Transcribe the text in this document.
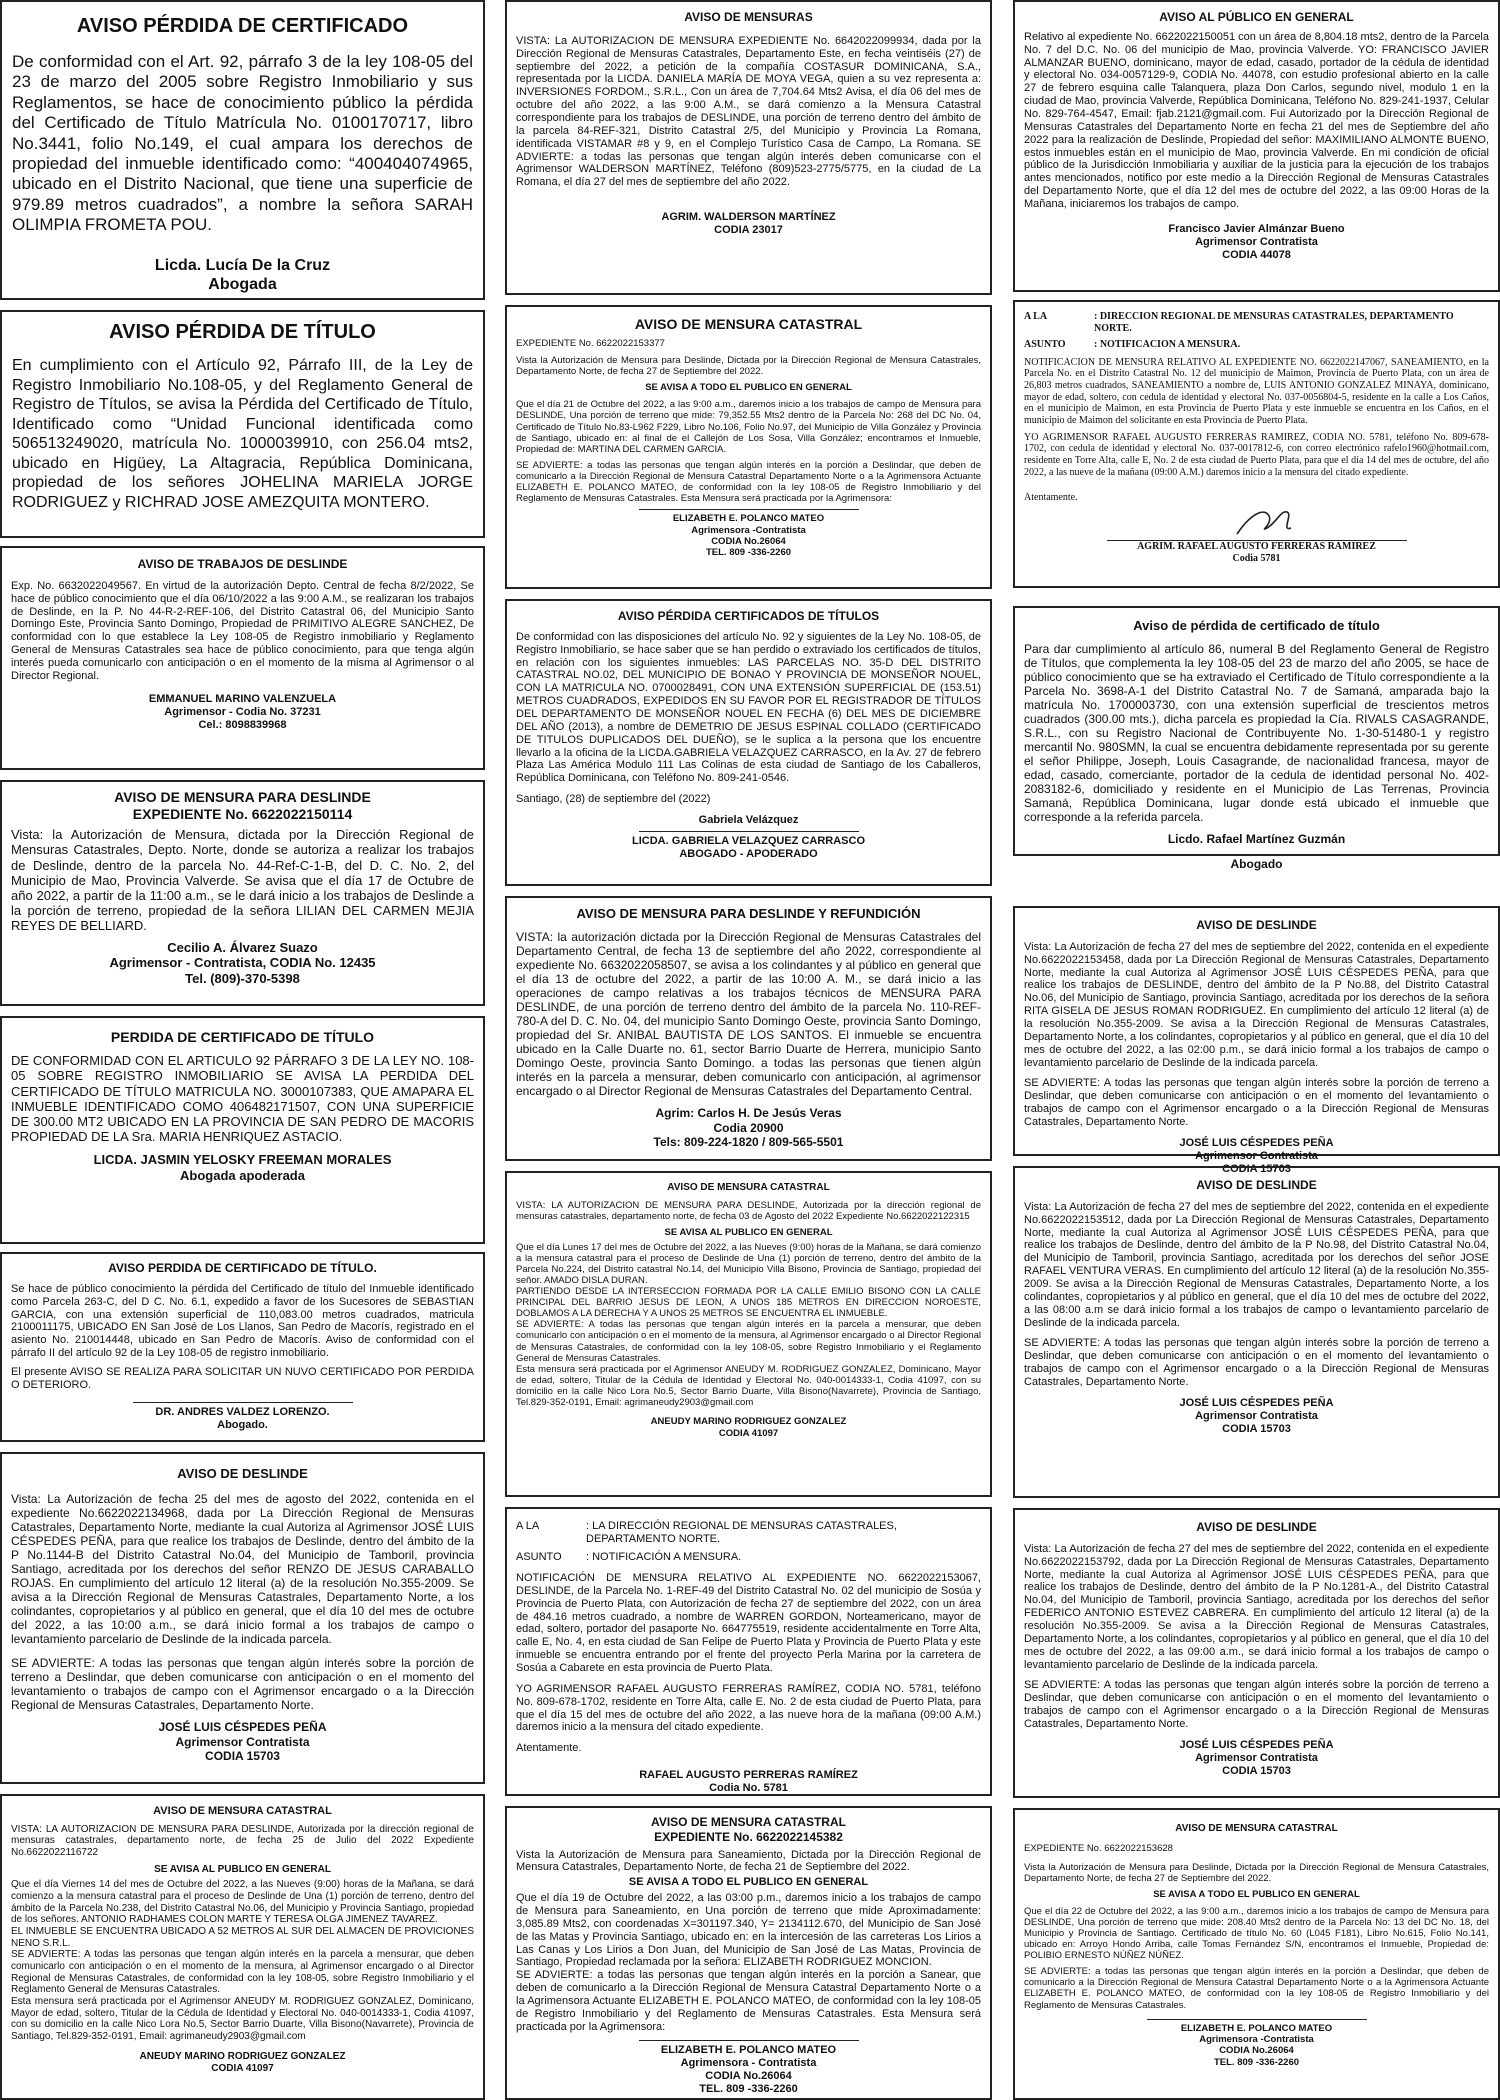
AVISO PÉRDIDA DE CERTIFICADO

De conformidad con el Art. 92, párrafo 3 de la ley 108-05 del 23 de marzo del 2005 sobre Registro Inmobiliario y sus Reglamentos, se hace de conocimiento público la pérdida del Certificado de Título Matrícula No. 0100170717, libro No.3441, folio No.149, el cual ampara los derechos de propiedad del inmueble identificado como: “400404074965, ubicado en el Distrito Nacional, que tiene una superficie de 979.89 metros cuadrados”, a nombre la señora SARAH OLIMPIA FROMETA POU.

Licda. Lucía De la Cruz
Abogada
AVISO PÉRDIDA DE TÍTULO

En cumplimiento con el Artículo 92, Párrafo III, de la Ley de Registro Inmobiliario No.108-05, y del Reglamento General de Registro de Títulos, se avisa la Pérdida del Certificado de Título, Identificado como “Unidad Funcional identificada como 506513249020, matrícula No. 1000039910, con 256.04 mts2, ubicado en Higüey, La Altagracia, República Dominicana, propiedad de los señores JOHELINA MARIELA JORGE RODRIGUEZ y RICHRAD JOSE AMEZQUITA MONTERO.

AVISO DE TRABAJOS DE DESLINDE

Exp. No. 6632022049567. En virtud de la autorización Depto. Central de fecha 8/2/2022, Se hace de público conocimiento que el día 06/10/2022 a las 9:00 A.M., se realizaran los trabajos de Deslinde, en la P. No 44-R-2-REF-106, del Distrito Catastral 06, del Municipio Santo Domingo Este, Provincia Santo Domingo, Propiedad de PRIMITIVO ALEGRE SANCHEZ, De conformidad con lo que establece la Ley 108-05 de Registro inmobiliario y Reglamento General de Mensuras Catastrales sea hace de público conocimiento, para que tenga algún interés pueda comunicarlo con anticipación o en el momento de la misma al Agrimensor o al Director Regional.

EMMANUEL MARINO VALENZUELA
Agrimensor - Codia No. 37231
Cel.: 8098839968
AVISO DE MENSURA PARA DESLINDE
EXPEDIENTE No. 6622022150114

Vista: la Autorización de Mensura, dictada por la Dirección Regional de Mensuras Catastrales, Depto. Norte, donde se autoriza a realizar los trabajos de Deslinde, dentro de la parcela No. 44-Ref-C-1-B, del D. C. No. 2, del Municipio de Mao, Provincia Valverde. Se avisa que el día 17 de Octubre de año 2022, a partir de la 11:00 a.m., se le dará inicio a los trabajos de Deslinde a la porción de terreno, propiedad de la señora LILIAN DEL CARMEN MEJIA REYES DE BELLIARD.

Cecilio A. Álvarez Suazo
Agrimensor - Contratista, CODIA No. 12435
Tel. (809)-370-5398
PERDIDA DE CERTIFICADO DE TÍTULO

DE CONFORMIDAD CON EL ARTICULO 92 PÁRRAFO 3 DE LA LEY NO. 108-05 SOBRE REGISTRO INMOBILIARIO SE AVISA LA PERDIDA DEL CERTIFICADO DE TÍTULO MATRICULA NO. 3000107383, QUE AMAPARA EL INMUEBLE IDENTIFICADO COMO 406482171507, CON UNA SUPERFICIE DE 300.00 MT2 UBICADO EN LA PROVINCIA DE SAN PEDRO DE MACORIS PROPIEDAD DE LA Sra. MARIA HENRIQUEZ ASTACIO.

LICDA. JASMIN YELOSKY FREEMAN MORALES
Abogada apoderada
AVISO PERDIDA DE CERTIFICADO DE TÍTULO.

Se hace de público conocimiento la pérdida del Certificado de título del Inmueble identificado como Parcela 263-C, del D C. No. 6.1, expedido a favor de los Sucesores de SEBASTIAN GARCIA, con una extensión superficial de 110,083.00 metros cuadrados, matricula 2100011175, UBICADO EN San José de Los Llanos, San Pedro de Macorís, registrado en el asiento No. 210014448, ubicado en San Pedro de Macorís. Aviso de conformidad con el párrafo II del artículo 92 de la Ley 108-05 de registro inmobiliario.

El presente AVISO SE REALIZA PARA SOLICITAR UN NUVO CERTIFICADO POR PERDIDA O DETERIORO.

DR. ANDRES VALDEZ LORENZO.
Abogado.
AVISO DE DESLINDE

Vista: La Autorización de fecha 25 del mes de agosto del 2022, contenida en el expediente No.6622022134968, dada por La Dirección Regional de Mensuras Catastrales, Departamento Norte, mediante la cual Autoriza al Agrimensor JOSÉ LUIS CÉSPEDES PEÑA, para que realice los trabajos de Deslinde, dentro del ámbito de la P No.1144-B del Distrito Catastral No.04, del Municipio de Tamboril, provincia Santiago, acreditada por los derechos del señor RENZO DE JESUS CARABALLO ROJAS. En cumplimiento del artículo 12 literal (a) de la resolución No.355-2009. Se avisa a la Dirección Regional de Mensuras Catastrales, Departamento Norte, a los colindantes, copropietarios y al público en general, que el día 10 del mes de octubre del 2022, a las 10:00 a.m., se dará inicio formal a los trabajos de campo o levantamiento parcelario de Deslinde de la indicada parcela.

SE ADVIERTE: A todas las personas que tengan algún interés sobre la porción de terreno a Deslindar, que deben comunicarse con anticipación o en el momento del levantamiento o trabajos de campo con el Agrimensor encargado o a la Dirección Regional de Mensuras Catastrales, Departamento Norte.

JOSÉ LUIS CÉSPEDES PEÑA
Agrimensor Contratista
CODIA 15703
AVISO DE MENSURA CATASTRAL

VISTA: LA AUTORIZACION DE MENSURA PARA DESLINDE, Autorizada por la dirección regional de mensuras catastrales, departamento norte, de fecha 25 de Julio del 2022 Expediente No.6622022116722

SE AVISA AL PUBLICO EN GENERAL

Que el día Viernes 14 del mes de Octubre del 2022, a las Nueves (9:00) horas de la Mañana, se dará comienzo a la mensura catastral para el proceso de Deslinde de Una (1) porción de terreno, dentro del ámbito de la Parcela No.238, del Distrito Catastral No.06, del Municipio y Provincia Santiago, propiedad de los señores. ANTONIO RADHAMES COLON MARTE Y TERESA OLGA JIMENEZ TAVAREZ.

EL INMUEBLE SE ENCUENTRA UBICADO A 52 METROS AL SUR DEL ALMACEN DE PROVICIONES NENO S.R.L.

SE ADVIERTE: A todas las personas que tengan algún interés en la parcela a mensurar, que deben comunicarlo con anticipación o en el momento de la mensura, al Agrimensor encargado o al Director Regional de Mensuras Catastrales, de conformidad con la ley 108-05, sobre Registro Inmobiliario y el Reglamento General de Mensuras Catastrales.

Esta mensura será practicada por el Agrimensor ANEUDY M. RODRIGUEZ GONZALEZ, Dominicano, Mayor de edad, soltero, Titular de la Cédula de Identidad y Electoral No. 040-0014333-1, Codia 41097, con su domicilio en la calle Nico Lora No.5, Sector Barrio Duarte, Villa Bisono(Navarrete), Provincia de Santiago, Tel.829-352-0191, Email: agrimaneudy2903@gmail.com

ANEUDY MARINO RODRIGUEZ GONZALEZ
CODIA 41097
AVISO DE MENSURAS

VISTA: La AUTORIZACION DE MENSURA EXPEDIENTE No. 6642022099934, dada por la Dirección Regional de Mensuras Catastrales, Departamento Este, en fecha veintiséis (27) de septiembre del 2022, a petición de la compañía COSTASUR DOMINICANA, S.A., representada por la LICDA. DANIELA MARÍA DE MOYA VEGA, quien a su vez representa a: INVERSIONES FORDOM., S.R.L., Con un área de 7,704.64 Mts2 Avisa, el día 06 del mes de octubre del año 2022, a las 9:00 A.M., se dará comienzo a la Mensura Catastral correspondiente para los trabajos de DESLINDE, una porción de terreno dentro del ámbito de la parcela 84-REF-321, Distrito Catastral 2/5, del Municipio y Provincia La Romana, identificada VISTAMAR #8 y 9, en el Complejo Turístico Casa de Campo, La Romana. SE ADVIERTE: a todas las personas que tengan algún interés deben comunicarse con el Agrimensor WALDERSON MARTÍNEZ, Teléfono (809)523-2775/5775, en la ciudad de La Romana, el día 27 del mes de septiembre del año 2022.

AGRIM. WALDERSON MARTÍNEZ
CODIA 23017
AVISO DE MENSURA CATASTRAL

EXPEDIENTE No. 6622022153377

Vista la Autorización de Mensura para Deslinde, Dictada por la Dirección Regional de Mensura Catastrales, Departamento Norte, de fecha 27 de Septiembre del 2022.

SE AVISA A TODO EL PUBLICO EN GENERAL

Que el día 21 de Octubre del 2022, a las 9:00 a.m., daremos inicio a los trabajos de campo de Mensura para DESLINDE, Una porción de terreno que mide: 79,352.55 Mts2 dentro de la Parcela No: 268 del DC No. 04, Certificado de Título No.83-L962 F229, Libro No.106, Folio No.97, del Municipio de Villa González y Provincia de Santiago, ubicado en: al final de el Callejón de Los Sosa, Villa González; encontramos el Inmueble, Propiedad de: MARTINA DEL CARMEN GARCIA.

SE ADVIERTE: a todas las personas que tengan algún interés en la porción a Deslindar, que deben de comunicarlo a la Dirección Regional de Mensura Catastral Departamento Norte o a la Agrimensora Actuante ELIZABETH E. POLANCO MATEO, de conformidad con la ley 108-05 de Registro Inmobiliario y del Reglamento de Mensuras Catastrales. Esta Mensura será practicada por la Agrimensora:

ELIZABETH E. POLANCO MATEO
Agrimensora -Contratista
CODIA No.26064
TEL. 809 -336-2260
AVISO PÉRDIDA CERTIFICADOS DE TÍTULOS

De conformidad con las disposiciones del artículo No. 92 y siguientes de la Ley No. 108-05, de Registro Inmobiliario, se hace saber que se han perdido o extraviado los certificados de títulos, en relación con los siguientes inmuebles: LAS PARCELAS NO. 35-D DEL DISTRITO CATASTRAL NO.02, DEL MUNICIPIO DE BONAO Y PROVINCIA DE MONSEÑOR NOUEL, CON LA MATRICULA NO. 0700028491, CON UNA EXTENSIÓN SUPERFICIAL DE (153.51) METROS CUADRADOS, EXPEDIDOS EN SU FAVOR POR EL REGISTRADOR DE TÍTULOS DEL DEPARTAMENTO DE MONSEÑOR NOUEL EN FECHA (6) DEL MES DE DICIEMBRE DEL AÑO (2013), a nombre de DEMETRIO DE JESUS ESPINAL COLLADO (CERTIFICADO DE TITULOS DUPLICADOS DEL DUEÑO), se le suplica a la persona que los encuentre llevarlo a la oficina de la LICDA.GABRIELA VELAZQUEZ CARRASCO, en la Av. 27 de febrero Plaza Las América Modulo 111 Las Colinas de esta ciudad de Santiago de los Caballeros, República Dominicana, con Teléfono No. 809-241-0546.

Santiago, (28) de septiembre del (2022)

Gabriela Velázquez
LICDA. GABRIELA VELAZQUEZ CARRASCO
ABOGADO - APODERADO
AVISO DE MENSURA PARA DESLINDE Y REFUNDICIÓN

VISTA: la autorización dictada por la Dirección Regional de Mensuras Catastrales del Departamento Central, de fecha 13 de septiembre del año 2022, correspondiente al expediente No. 6632022058507, se avisa a los colindantes y al público en general que el día 13 de octubre del 2022, a partir de las 10:00 A. M., se dará inicio a las operaciones de campo relativas a los trabajos técnicos de MENSURA PARA DESLINDE, de una porción de terreno dentro del ámbito de la parcela No. 110-REF-780-A del D. C. No. 04, del municipio Santo Domingo Oeste, provincia Santo Domingo, propiedad del Sr. ANIBAL BAUTISTA DE LOS SANTOS. El inmueble se encuentra ubicado en la Calle Duarte no. 61, sector Barrio Duarte de Herrera, municipio Santo Domingo Oeste, provincia Santo Domingo. a todas las personas que tienen algún interés en la parcela a mensurar, deben comunicarlo con anticipación, al agrimensor encargado o al Director Regional de Mensuras Catastrales del Departamento Central.

Agrim: Carlos H. De Jesús Veras
Codia 20900
Tels: 809-224-1820 / 809-565-5501
AVISO DE MENSURA CATASTRAL

VISTA: LA AUTORIZACION DE MENSURA PARA DESLINDE, Autorizada por la dirección regional de mensuras catastrales, departamento norte, de fecha 03 de Agosto del 2022 Expediente No.6622022122315

SE AVISA AL PUBLICO EN GENERAL

Que el día Lunes 17 del mes de Octubre del 2022, a las Nueves (9:00) horas de la Mañana, se dará comienzo a la mensura catastral para el proceso de Deslinde de Una (1) porción de terreno, dentro del ámbito de la Parcela No.224, del Distrito catastral No.14, del Municipio Villa Bisono, Provincia de Santiago, propiedad del señor. AMADO DISLA DURAN.

PARTIENDO DESDE LA INTERSECCION FORMADA POR LA CALLE EMILIO BISONO CON LA CALLE PRINCIPAL DEL BARRIO JESUS DE LEON, A UNOS 185 METROS EN DIRECCION NOROESTE, DOBLAMOS A LA DERECHA Y A UNOS 25 METROS SE ENCUENTRA EL INMUEBLE.

SE ADVIERTE: A todas las personas que tengan algún interés en la parcela a mensurar, que deben comunicarlo con anticipación o en el momento de la mensura, al Agrimensor encargado o al Director Regional de Mensuras Catastrales, de conformidad con la ley 108-05, sobre Registro Inmobiliario y el Reglamento General de Mensuras Catastrales.

Esta mensura será practicada por el Agrimensor ANEUDY M. RODRIGUEZ GONZALEZ, Dominicano, Mayor de edad, soltero, Titular de la Cédula de Identidad y Electoral No. 040-0014333-1, Codia 41097, con su domicilio en la calle Nico Lora No.5, Sector Barrio Duarte, Villa Bisono(Navarrete), Provincia de Santiago, Tel.829-352-0191, Email: agrimaneudy2903@gmail.com

ANEUDY MARINO RODRIGUEZ GONZALEZ
CODIA 41097
A LA	: LA DIRECCIÓN REGIONAL DE MENSURAS CATASTRALES, DEPARTAMENTO NORTE.
ASUNTO	: NOTIFICACIÓN A MENSURA.

NOTIFICACIÓN DE MENSURA RELATIVO AL EXPEDIENTE NO. 6622022153067, DESLINDE, de la Parcela No. 1-REF-49 del Distrito Catastral No. 02 del municipio de Sosúa y Provincia de Puerto Plata, con Autorización de fecha 27 de septiembre del 2022, con un área de 484.16 metros cuadrado, a nombre de WARREN GORDON, Norteamericano, mayor de edad, soltero, portador del pasaporte No. 664775519, residente accidentalmente en Torre Alta, calle E, No. 4, en esta ciudad de San Felipe de Puerto Plata y Provincia de Puerto Plata y este inmueble se encuentra entrando por el frente del proyecto Perla Marina por la carretera de Sosúa a Cabarete en esta provincia de Puerto Plata.

YO AGRIMENSOR RAFAEL AUGUSTO FERRERAS RAMÍREZ, CODIA NO. 5781, teléfono No. 809-678-1702, residente en Torre Alta, calle E. No. 2 de esta ciudad de Puerto Plata, para que el día 15 del mes de octubre del año 2022, a las nueve hora de la mañana (09:00 A.M.) daremos inicio a la mensura del citado expediente.

Atentamente.

RAFAEL AUGUSTO PERRERAS RAMÍREZ
Codia No. 5781
AVISO DE MENSURA CATASTRAL
EXPEDIENTE No. 6622022145382

Vista la Autorización de Mensura para Saneamiento, Dictada por la Dirección Regional de Mensura Catastrales, Departamento Norte, de fecha 21 de Septiembre del 2022.

SE AVISA A TODO EL PUBLICO EN GENERAL

Que el día 19 de Octubre del 2022, a las 03:00 p.m., daremos inicio a los trabajos de campo de Mensura para Saneamiento, en Una porción de terreno que mide Aproximadamente: 3,085.89 Mts2, con coordenadas X=301197.340, Y= 2134112.670, del Municipio de San José de las Matas y Provincia Santiago, ubicado en: en la intercesión de las carreteras Los Lirios a Las Canas y Los Lirios a Don Juan, del Municipio de San José de Las Matas, Provincia de Santiago, Propiedad reclamada por la señora: ELIZABETH RODRIGUEZ MONCION.

SE ADVIERTE: a todas las personas que tengan algún interés en la porción a Sanear, que deben de comunicarlo a la Dirección Regional de Mensura Catastral Departamento Norte o a la Agrimensora Actuante ELIZABETH E. POLANCO MATEO, de conformidad con la ley 108-05 de Registro Inmobiliario y del Reglamento de Mensuras Catastrales. Esta Mensura será practicada por la Agrimensora:

ELIZABETH E. POLANCO MATEO
Agrimensora - Contratista
CODIA No.26064
TEL. 809 -336-2260
AVISO AL PÚBLICO EN GENERAL

Relativo al expediente No. 6622022150051 con un área de 8,804.18 mts2, dentro de la Parcela No. 7 del D.C. No. 06 del municipio de Mao, provincia Valverde. YO: FRANCISCO JAVIER ALMANZAR BUENO, dominicano, mayor de edad, casado, portador de la cédula de identidad y electoral No. 034-0057129-9, CODIA No. 44078, con estudio profesional abierto en la calle 27 de febrero esquina calle Talanquera, plaza Don Carlos, segundo nivel, modulo 1 en la ciudad de Mao, provincia Valverde, República Dominicana, Teléfono No. 829-241-1937, Celular No. 829-764-4547, Email: fjab.2121@gmail.com. Fui Autorizado por la Dirección Regional de Mensuras Catastrales del Departamento Norte en fecha 21 del mes de Septiembre del año 2022 para la realización de Deslinde, Propiedad del señor: MAXIMILIANO ALMONTE BUENO, estos inmuebles están en el municipio de Mao, provincia Valverde. En mi condición de oficial público de la Jurisdicción Inmobiliaria y auxiliar de la justicia para la ejecución de los trabajos antes mencionados, notifico por este medio a la Dirección Regional de Mensuras Catastrales del Departamento Norte, que el día 12 del mes de octubre del 2022, a las 09:00 Horas de la Mañana, iniciaremos los trabajos de campo.

Francisco Javier Almánzar Bueno
Agrimensor Contratista
CODIA 44078
A LA	: DIRECCION REGIONAL DE MENSURAS CATASTRALES, DEPARTAMENTO NORTE.
ASUNTO	: NOTIFICACION A MENSURA.

NOTIFICACION DE MENSURA RELATIVO AL EXPEDIENTE NO. 6622022147067, SANEAMIENTO, en la Parcela No. en el Distrito Catastral No. 12 del municipio de Maimon, Provincia de Puerto Plata, con un área de 26,803 metros cuadrados, SANEAMIENTO a nombre de, LUIS ANTONIO GONZALEZ MINAYA, dominicano, mayor de edad, soltero, con cedula de identidad y electoral No. 037-0056804-5, residente en la calle a Los Caños, en el municipio de Maimon, en esta Provincia de Puerto Plata y este inmueble se encuentra en los Caños, en el municipio de Maimon del solicitante en esta Provincia de Puerto Plata.

YO AGRIMENSOR RAFAEL AUGUSTO FERRERAS RAMIREZ, CODIA NO. 5781, teléfono No. 809-678-1702, con cedula de identidad y electoral No. 037-0017812-6, con correo electrónico rafelo1960@hotmail.com, residente en Torre Alta, calle E, No. 2 de esta ciudad de Puerto Plata, para que el día 14 del mes de octubre, del año 2022, a las nueve de la mañana (09:00 A.M.) daremos inicio a la mensura del citado expediente.

Atentamente.

AGRIM. RAFAEL AUGUSTO FERRERAS RAMIREZ
Codia 5781
Aviso de pérdida de certificado de título

Para dar cumplimiento al artículo 86, numeral B del Reglamento General de Registro de Títulos, que complementa la ley 108-05 del 23 de marzo del año 2005, se hace de público conocimiento que se ha extraviado el Certificado de Título correspondiente a la Parcela No. 3698-A-1 del Distrito Catastral No. 7 de Samaná, amparada bajo la matrícula No. 1700003730, con una extensión superficial de trescientos metros cuadrados (300.00 mts.), dicha parcela es propiedad la Cía. RIVALS CASAGRANDE, S.R.L., con su Registro Nacional de Contribuyente No. 1-30-51480-1 y registro mercantil No. 980SMN, la cual se encuentra debidamente representada por su gerente el señor Philippe, Joseph, Louis Casagrande, de nacionalidad francesa, mayor de edad, casado, comerciante, portador de la cedula de identidad personal No. 402-2083182-6, domiciliado y residente en el Municipio de Las Terrenas, Provincia Samaná, República Dominicana, lugar donde está ubicado el inmueble que corresponde a la referida parcela.

Licdo. Rafael Martínez Guzmán
Abogado
AVISO DE DESLINDE

Vista: La Autorización de fecha 27 del mes de septiembre del 2022, contenida en el expediente No.6622022153458, dada por La Dirección Regional de Mensuras Catastrales, Departamento Norte, mediante la cual Autoriza al Agrimensor JOSÉ LUIS CÉSPEDES PEÑA, para que realice los trabajos de DESLINDE, dentro del ámbito de la P No.88, del Distrito Catastral No.06, del Municipio de Santiago, provincia Santiago, acreditada por los derechos de la señora RITA GISELA DE JESUS ROMAN RODRIGUEZ. En cumplimiento del artículo 12 literal (a) de la resolución No.355-2009. Se avisa a la Dirección Regional de Mensuras Catastrales, Departamento Norte, a los colindantes, copropietarios y al público en general, que el día 10 del mes de octubre del 2022, a las 02:00 p.m., se dará inicio formal a los trabajos de campo o levantamiento parcelario de Deslinde de la indicada parcela.

SE ADVIERTE: A todas las personas que tengan algún interés sobre la porción de terreno a Deslindar, que deben comunicarse con anticipación o en el momento del levantamiento o trabajos de campo con el Agrimensor encargado o a la Dirección Regional de Mensuras Catastrales, Departamento Norte.

JOSÉ LUIS CÉSPEDES PEÑA
Agrimensor Contratista
CODIA 15703
AVISO DE DESLINDE

Vista: La Autorización de fecha 27 del mes de septiembre del 2022, contenida en el expediente No.6622022153512, dada por La Dirección Regional de Mensuras Catastrales, Departamento Norte, mediante la cual Autoriza al Agrimensor JOSÉ LUIS CÉSPEDES PEÑA, para que realice los trabajos de Deslinde, dentro del ámbito de la P No.98, del Distrito Catastral No.04, del Municipio de Tamboril, provincia Santiago, acreditada por los derechos del señor JOSE RAFAEL VENTURA VERAS. En cumplimiento del artículo 12 literal (a) de la resolución No.355-2009. Se avisa a la Dirección Regional de Mensuras Catastrales, Departamento Norte, a los colindantes, copropietarios y al público en general, que el día 10 del mes de octubre del 2022, a las 08:00 a.m se dará inicio formal a los trabajos de campo o levantamiento parcelario de Deslinde de la indicada parcela.

SE ADVIERTE: A todas las personas que tengan algún interés sobre la porción de terreno a Deslindar, que deben comunicarse con anticipación o en el momento del levantamiento o trabajos de campo con el Agrimensor encargado o a la Dirección Regional de Mensuras Catastrales, Departamento Norte.

JOSÉ LUIS CÉSPEDES PEÑA
Agrimensor Contratista
CODIA 15703
AVISO DE DESLINDE

Vista: La Autorización de fecha 27 del mes de septiembre del 2022, contenida en el expediente No.6622022153792, dada por La Dirección Regional de Mensuras Catastrales, Departamento Norte, mediante la cual Autoriza al Agrimensor JOSÉ LUIS CÉSPEDES PEÑA, para que realice los trabajos de Deslinde, dentro del ámbito de la P No.1281-A., del Distrito Catastral No.04, del Municipio de Tamboril, provincia Santiago, acreditada por los derechos del señor FEDERICO ANTONIO ESTEVEZ CABRERA. En cumplimiento del artículo 12 literal (a) de la resolución No.355-2009. Se avisa a la Dirección Regional de Mensuras Catastrales, Departamento Norte, a los colindantes, copropietarios y al público en general, que el día 10 del mes de octubre del 2022, a las 09:00 a.m., se dará inicio formal a los trabajos de campo o levantamiento parcelario de Deslinde de la indicada parcela.

SE ADVIERTE: A todas las personas que tengan algún interés sobre la porción de terreno a Deslindar, que deben comunicarse con anticipación o en el momento del levantamiento o trabajos de campo con el Agrimensor encargado o a la Dirección Regional de Mensuras Catastrales, Departamento Norte.

JOSÉ LUIS CÉSPEDES PEÑA
Agrimensor Contratista
CODIA 15703
AVISO DE MENSURA CATASTRAL

EXPEDIENTE No. 6622022153628

Vista la Autorización de Mensura para Deslinde, Dictada por la Dirección Regional de Mensura Catastrales, Departamento Norte, de fecha 27 de Septiembre del 2022.

SE AVISA A TODO EL PUBLICO EN GENERAL

Que el día 22 de Octubre del 2022, a las 9:00 a.m., daremos inicio a los trabajos de campo de Mensura para DESLINDE, Una porción de terreno que mide: 208.40 Mts2 dentro de la Parcela No: 13 del DC No. 18, del Municipio y Provincia de Santiago. Certificado de título No. 60 (L045 F181), Libro No.615, Folio No.141, ubicado en: Arroyo Hondo Arriba, calle Tomas Fernández S/N, encontramos el Inmueble, Propiedad de: POLIBIO ERNESTO NÚÑEZ NÚÑEZ.

SE ADVIERTE: a todas las personas que tengan algún interés en la porción a Deslindar, que deben de comunicarlo a la Dirección Regional de Mensura Catastral Departamento Norte o a la Agrimensora Actuante ELIZABETH E. POLANCO MATEO, de conformidad con la ley 108-05 de Registro Inmobiliario y del Reglamento de Mensuras Catastrales.

ELIZABETH E. POLANCO MATEO
Agrimensora -Contratista
CODIA No.26064
TEL. 809 -336-2260
